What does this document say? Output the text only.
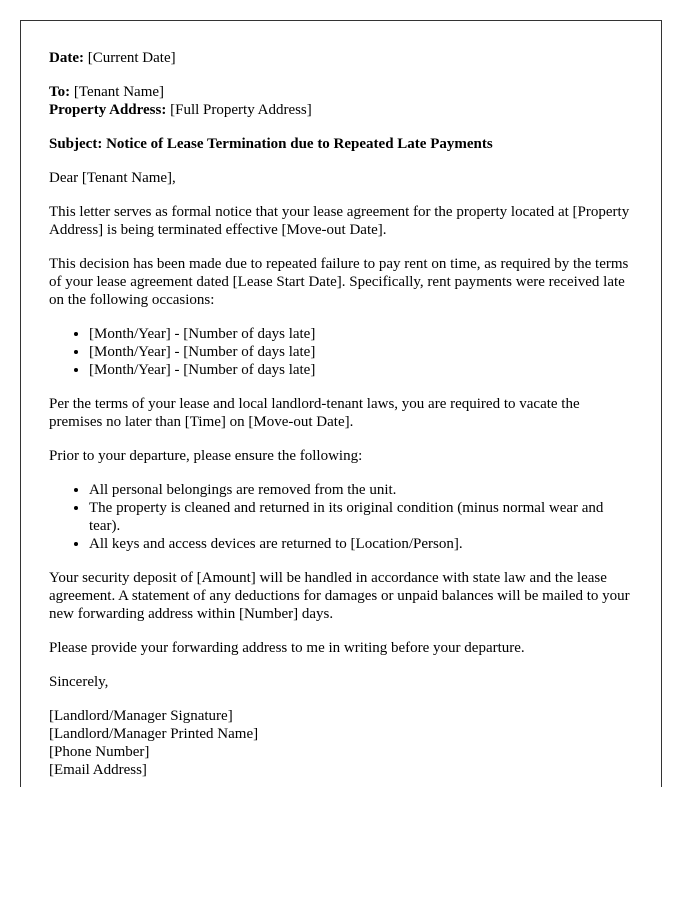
Date: [Current Date]

To: [Tenant Name]
Property Address: [Full Property Address]

Subject: Notice of Lease Termination due to Repeated Late Payments

Dear [Tenant Name],

This letter serves as formal notice that your lease agreement for the property located at [Property Address] is being terminated effective [Move-out Date].

This decision has been made due to repeated failure to pay rent on time, as required by the terms of your lease agreement dated [Lease Start Date]. Specifically, rent payments were received late on the following occasions:

• [Month/Year] - [Number of days late]
• [Month/Year] - [Number of days late]
• [Month/Year] - [Number of days late]

Per the terms of your lease and local landlord-tenant laws, you are required to vacate the premises no later than [Time] on [Move-out Date].

Prior to your departure, please ensure the following:

• All personal belongings are removed from the unit.
• The property is cleaned and returned in its original condition (minus normal wear and tear).
• All keys and access devices are returned to [Location/Person].

Your security deposit of [Amount] will be handled in accordance with state law and the lease agreement. A statement of any deductions for damages or unpaid balances will be mailed to your new forwarding address within [Number] days.

Please provide your forwarding address to me in writing before your departure.

Sincerely,

[Landlord/Manager Signature]
[Landlord/Manager Printed Name]
[Phone Number]
[Email Address]
